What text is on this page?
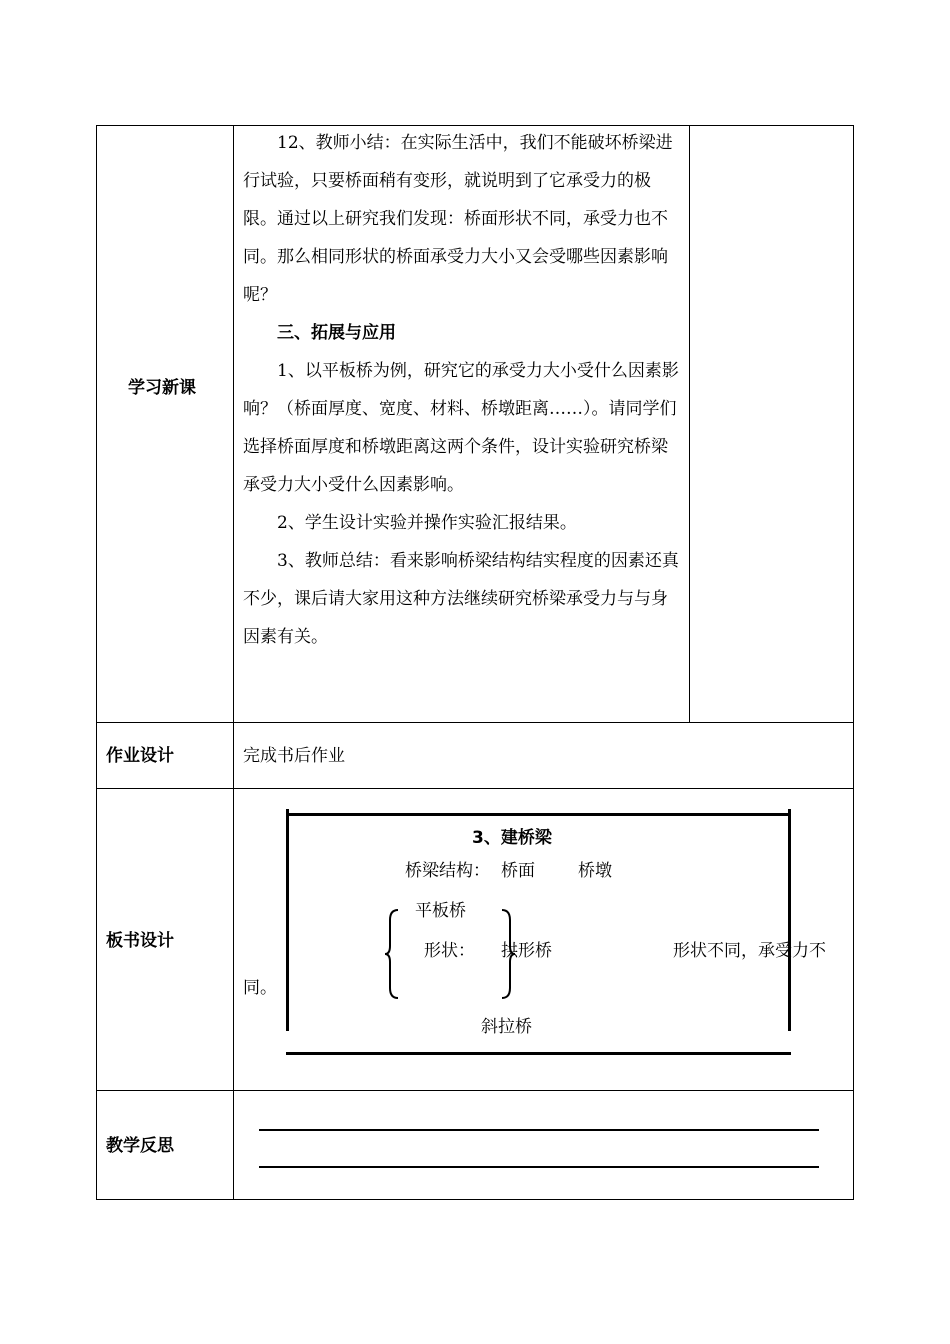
学习新课

12、教师小结：在实际生活中，我们不能破坏桥梁进行试验，只要桥面稍有变形，就说明到了它承受力的极限。通过以上研究我们发现：桥面形状不同，承受力也不同。那么相同形状的桥面承受力大小又会受哪些因素影响呢？

三、拓展与应用

1、以平板桥为例，研究它的承受力大小受什么因素影响？（桥面厚度、宽度、材料、桥墩距离……）。请同学们选择桥面厚度和桥墩距离这两个条件，设计实验研究桥梁承受力大小受什么因素影响。

2、学生设计实验并操作实验汇报结果。

3、教师总结：看来影响桥梁结构结实程度的因素还真不少，课后请大家用这种方法继续研究桥梁承受力与与身因素有关。

作业设计	完成书后作业
板书设计
3、建桥梁
桥梁结构： 桥面	桥墩
平板桥
形状： 拱形桥
斜拉桥
形状不同，承受力不
同。
教学反思
